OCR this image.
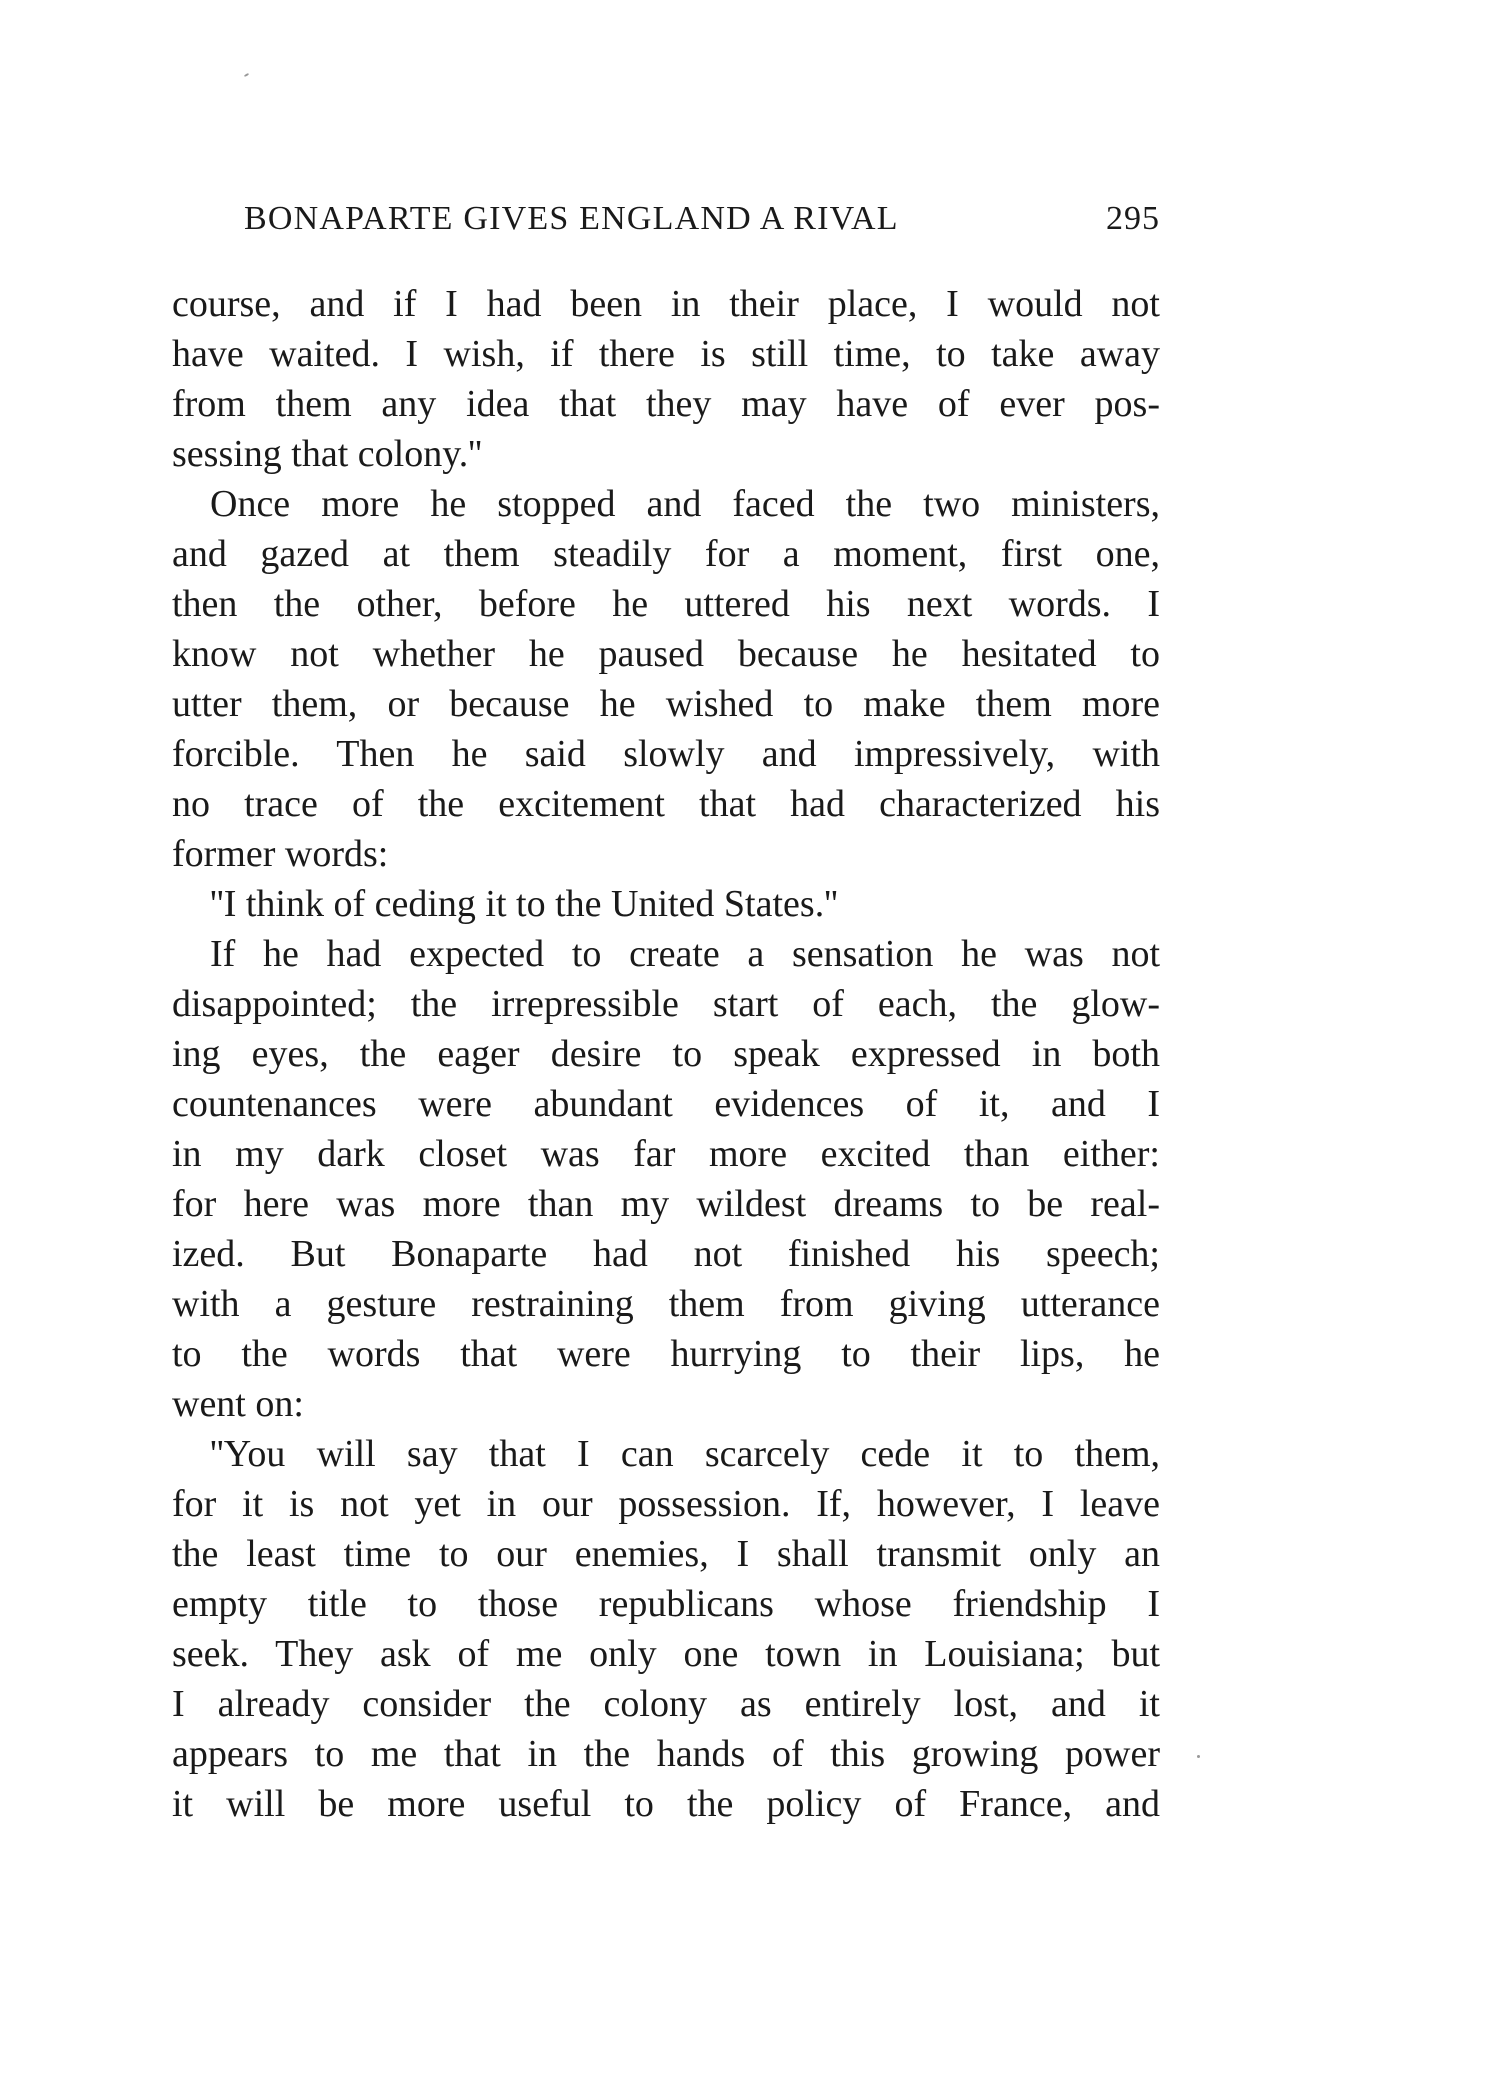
BONAPARTE GIVES ENGLAND A RIVAL	295
course, and if I had been in their place, I would not
have waited. I wish, if there is still time, to take away
from them any idea that they may have of ever pos-
sessing that colony.''
Once more he stopped and faced the two ministers,
and gazed at them steadily for a moment, first one,
then the other, before he uttered his next words. I
know not whether he paused because he hesitated to
utter them, or because he wished to make them more
forcible. Then he said slowly and impressively, with
no trace of the excitement that had characterized his
former words:
''I think of ceding it to the United States.''
If he had expected to create a sensation he was not
disappointed; the irrepressible start of each, the glow-
ing eyes, the eager desire to speak expressed in both
countenances were abundant evidences of it, and I
in my dark closet was far more excited than either:
for here was more than my wildest dreams to be real-
ized. But Bonaparte had not finished his speech;
with a gesture restraining them from giving utterance
to the words that were hurrying to their lips, he
went on:
''You will say that I can scarcely cede it to them,
for it is not yet in our possession. If, however, I leave
the least time to our enemies, I shall transmit only an
empty title to those republicans whose friendship I
seek. They ask of me only one town in Louisiana; but
I already consider the colony as entirely lost, and it
appears to me that in the hands of this growing power
it will be more useful to the policy of France, and
